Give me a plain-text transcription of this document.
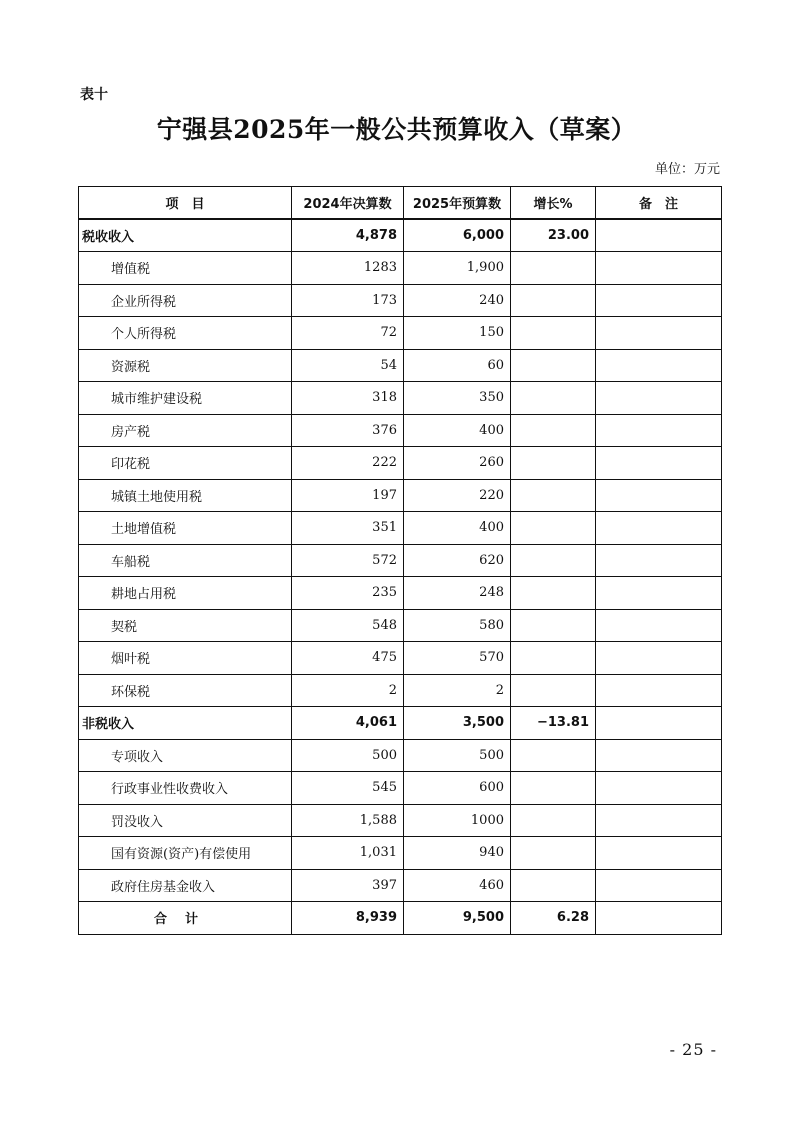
表十
宁强县2025年一般公共预算收入（草案）
单位：万元
项　目	2024年决算数	2025年预算数	增长%	备　注
税收收入	4,878	6,000	23.00	
增值税	1283	1,900		
企业所得税	173	240		
个人所得税	72	150		
资源税	54	60		
城市维护建设税	318	350		
房产税	376	400		
印花税	222	260		
城镇土地使用税	197	220		
土地增值税	351	400		
车船税	572	620		
耕地占用税	235	248		
契税	548	580		
烟叶税	475	570		
环保税	2	2		
非税收入	4,061	3,500	−13.81	
专项收入	500	500		
行政事业性收费收入	545	600		
罚没收入	1,588	1000		
国有资源(资产)有偿使用	1,031	940		
政府住房基金收入	397	460		
合计	8,939	9,500	6.28	
- 25 -
